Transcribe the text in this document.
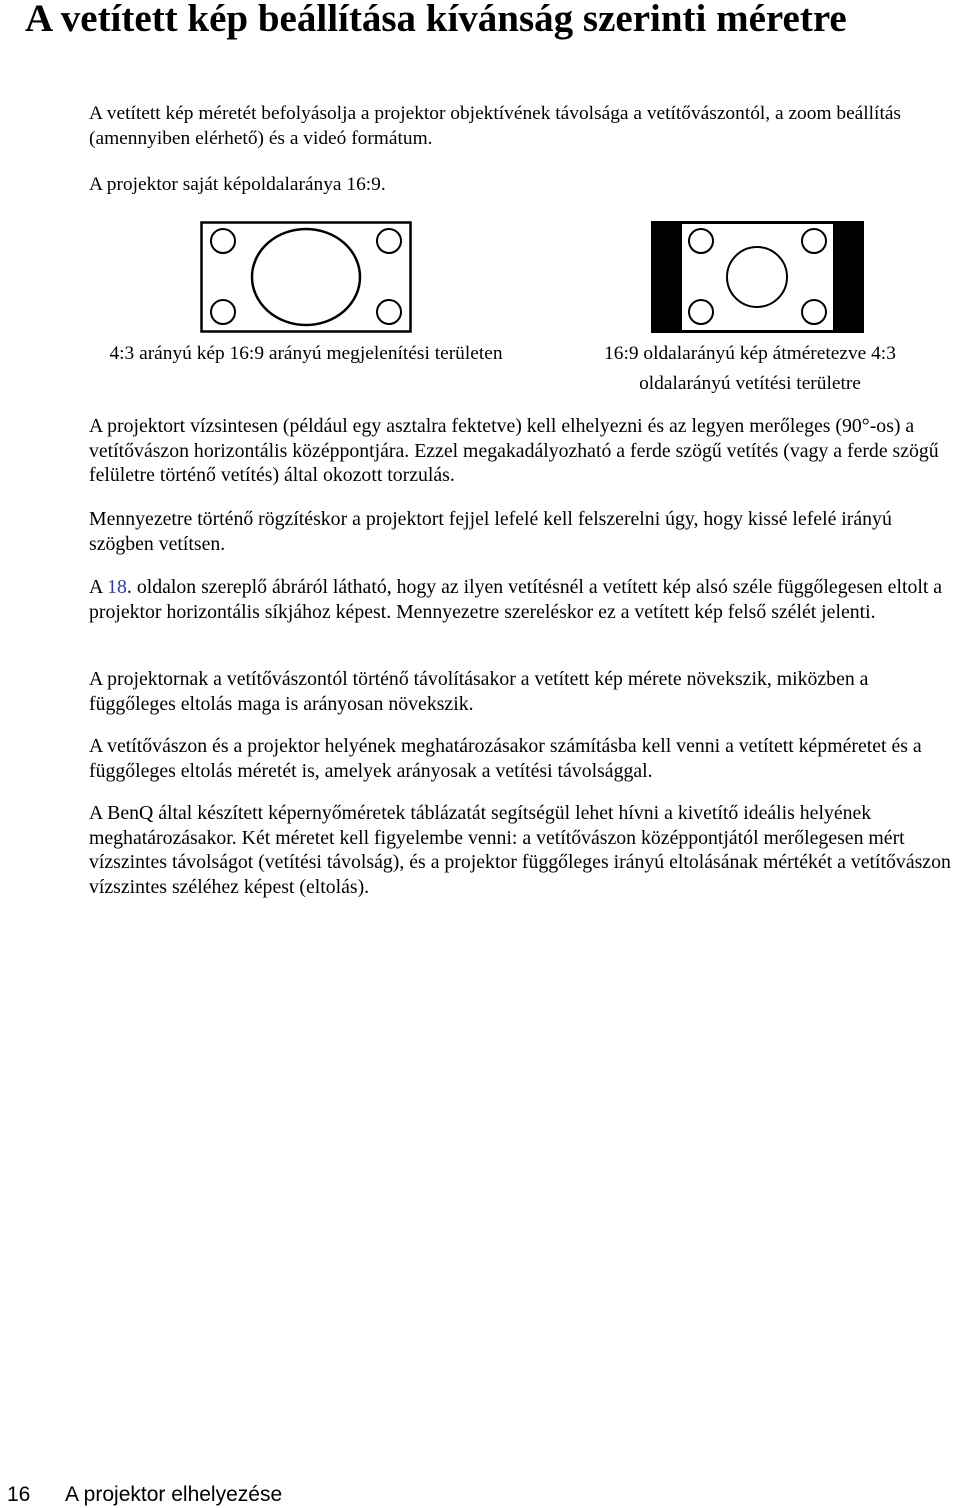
A vetített kép beállítása kívánság szerinti méretre

A vetített kép méretét befolyásolja a projektor objektívének távolsága a vetítővászontól, a zoom beállítás (amennyiben elérhető) és a videó formátum.

A projektor saját képoldalaránya 16:9.

4:3 arányú kép 16:9 arányú megjelenítési területen	16:9 oldalarányú kép átméretezve 4:3 oldalarányú vetítési területre

A projektort vízsintesen (például egy asztalra fektetve) kell elhelyezni és az legyen merőleges (90°-os) a vetítővászon horizontális középpontjára. Ezzel megakadályozható a ferde szögű vetítés (vagy a ferde szögű felületre történő vetítés) által okozott torzulás.

Mennyezetre történő rögzítéskor a projektort fejjel lefelé kell felszerelni úgy, hogy kissé lefelé irányú szögben vetítsen.

A 18. oldalon szereplő ábráról látható, hogy az ilyen vetítésnél a vetített kép alsó széle függőlegesen eltolt a projektor horizontális síkjához képest. Mennyezetre szereléskor ez a vetített kép felső szélét jelenti.

A projektornak a vetítővászontól történő távolításakor a vetített kép mérete növekszik, miközben a függőleges eltolás maga is arányosan növekszik.

A vetítővászon és a projektor helyének meghatározásakor számításba kell venni a vetített képméretet és a függőleges eltolás méretét is, amelyek arányosak a vetítési távolsággal.

A BenQ által készített képernyőméretek táblázatát segítségül lehet hívni a kivetítő ideális helyének meghatározásakor. Két méretet kell figyelembe venni: a vetítővászon középpontjától merőlegesen mért vízszintes távolságot (vetítési távolság), és a projektor függőleges irányú eltolásának mértékét a vetítővászon vízszintes széléhez képest (eltolás).

16 A projektor elhelyezése
